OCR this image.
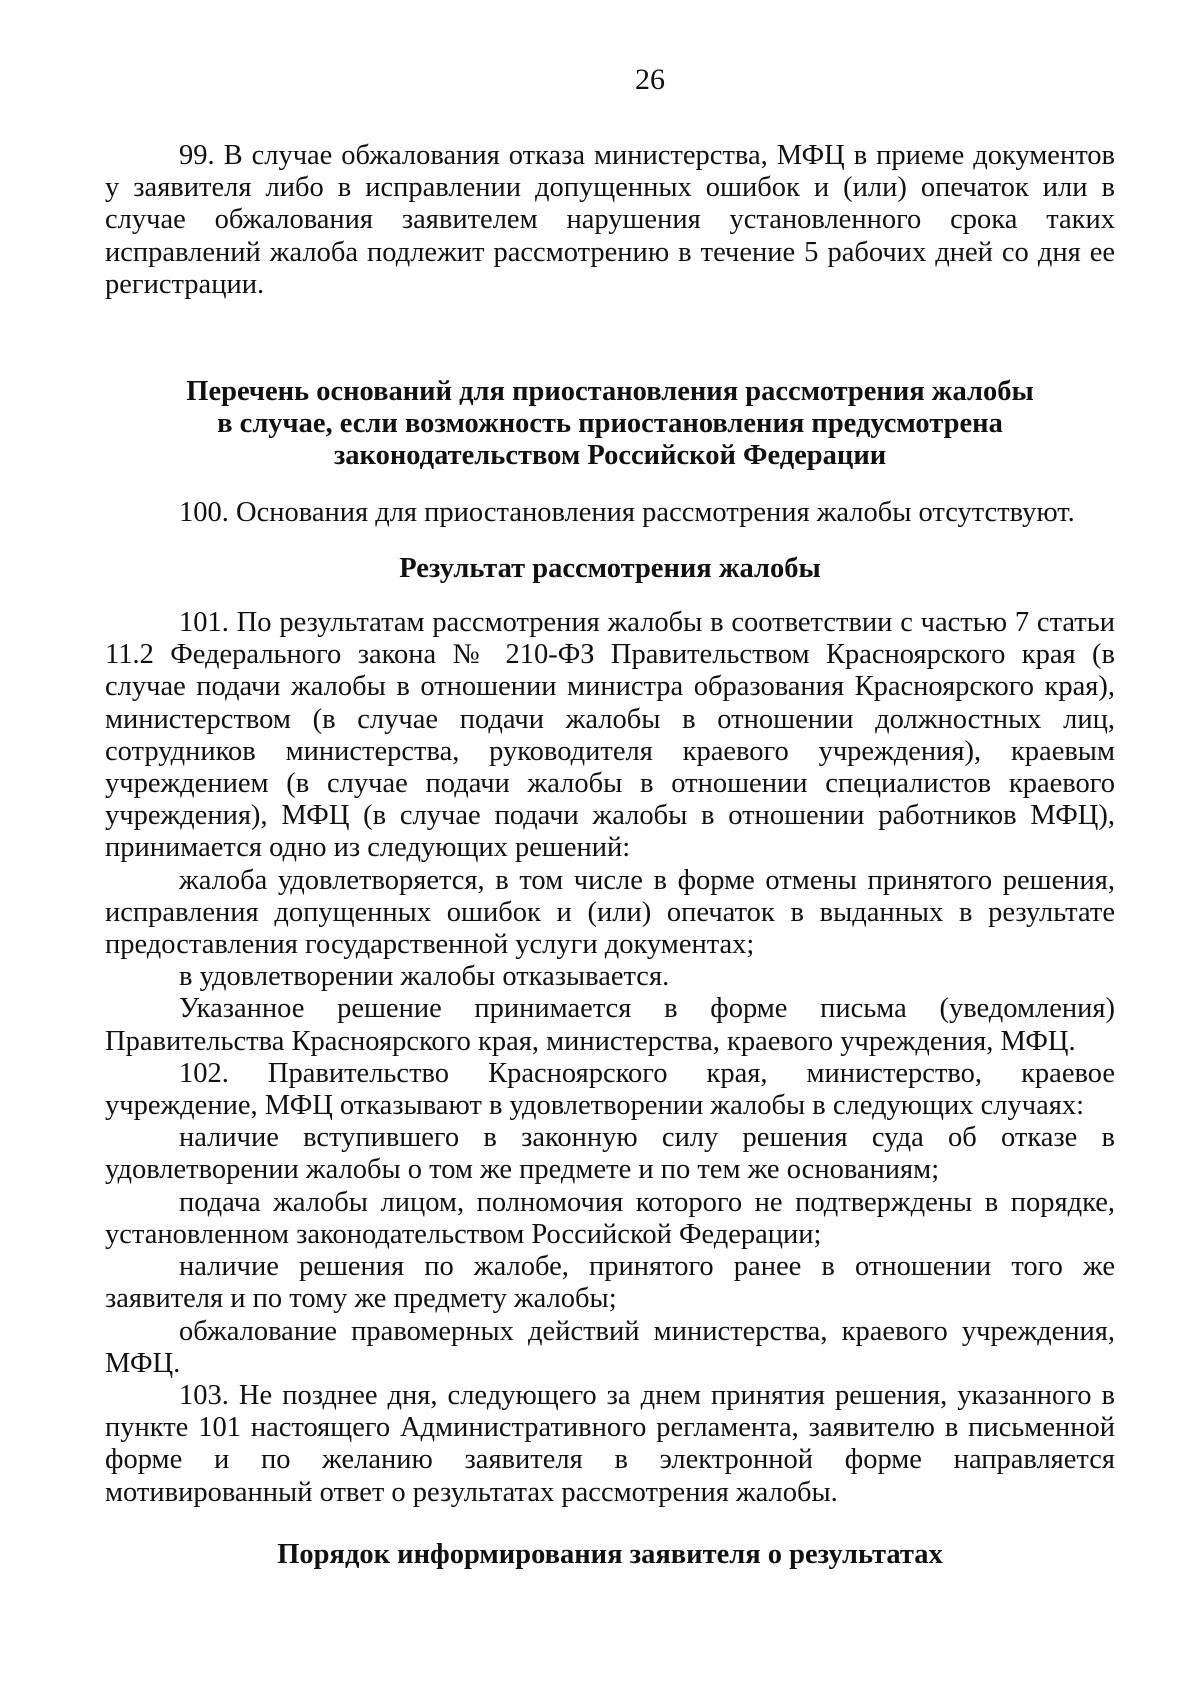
26

99. В случае обжалования отказа министерства, МФЦ в приеме документов у заявителя либо в исправлении допущенных ошибок и (или) опечаток или в случае обжалования заявителем нарушения установленного срока таких исправлений жалоба подлежит рассмотрению в течение 5 рабочих дней со дня ее регистрации.

Перечень оснований для приостановления рассмотрения жалобы
в случае, если возможность приостановления предусмотрена
законодательством Российской Федерации

100. Основания для приостановления рассмотрения жалобы отсутствуют.

Результат рассмотрения жалобы

101. По результатам рассмотрения жалобы в соответствии с частью 7 статьи 11.2 Федерального закона № 210-ФЗ Правительством Красноярского края (в случае подачи жалобы в отношении министра образования Красноярского края), министерством (в случае подачи жалобы в отношении должностных лиц, сотрудников министерства, руководителя краевого учреждения), краевым учреждением (в случае подачи жалобы в отношении специалистов краевого учреждения), МФЦ (в случае подачи жалобы в отношении работников МФЦ), принимается одно из следующих решений:

жалоба удовлетворяется, в том числе в форме отмены принятого решения, исправления допущенных ошибок и (или) опечаток в выданных в результате предоставления государственной услуги документах;

в удовлетворении жалобы отказывается.

Указанное решение принимается в форме письма (уведомления) Правительства Красноярского края, министерства, краевого учреждения, МФЦ.

102. Правительство Красноярского края, министерство, краевое учреждение, МФЦ отказывают в удовлетворении жалобы в следующих случаях:

наличие вступившего в законную силу решения суда об отказе в удовлетворении жалобы о том же предмете и по тем же основаниям;

подача жалобы лицом, полномочия которого не подтверждены в порядке, установленном законодательством Российской Федерации;

наличие решения по жалобе, принятого ранее в отношении того же заявителя и по тому же предмету жалобы;

обжалование правомерных действий министерства, краевого учреждения, МФЦ.

103. Не позднее дня, следующего за днем принятия решения, указанного в пункте 101 настоящего Административного регламента, заявителю в письменной форме и по желанию заявителя в электронной форме направляется мотивированный ответ о результатах рассмотрения жалобы.

Порядок информирования заявителя о результатах
